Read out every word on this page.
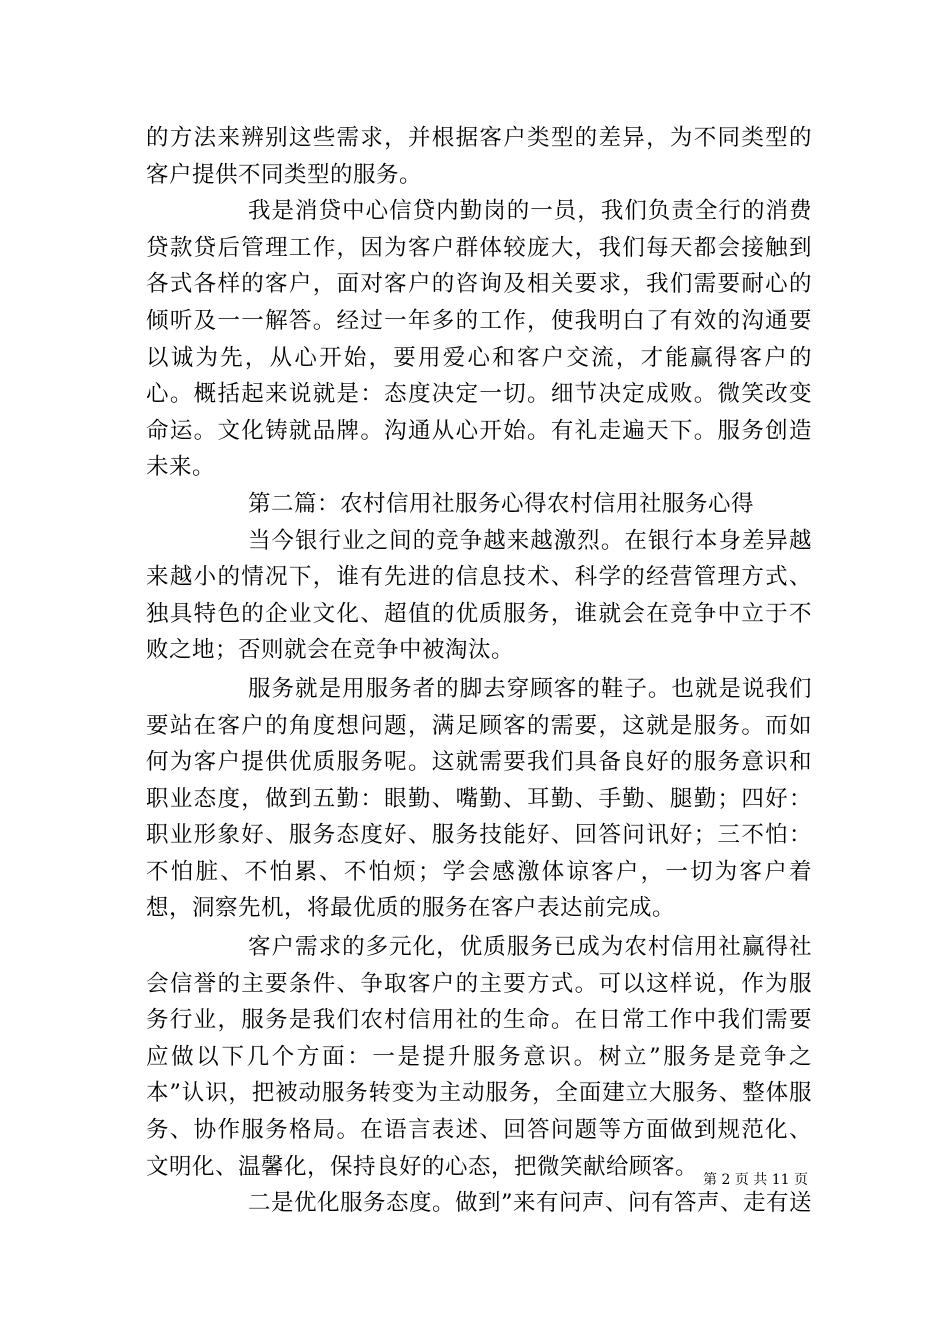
的方法来辨别这些需求，并根据客户类型的差异，为不同类型的客户提供不同类型的服务。

我是消贷中心信贷内勤岗的一员，我们负责全行的消费贷款贷后管理工作，因为客户群体较庞大，我们每天都会接触到各式各样的客户，面对客户的咨询及相关要求，我们需要耐心的倾听及一一解答。经过一年多的工作，使我明白了有效的沟通要以诚为先，从心开始，要用爱心和客户交流，才能赢得客户的心。概括起来说就是：态度决定一切。细节决定成败。微笑改变命运。文化铸就品牌。沟通从心开始。有礼走遍天下。服务创造未来。

第二篇：农村信用社服务心得农村信用社服务心得

当今银行业之间的竞争越来越激烈。在银行本身差异越来越小的情况下，谁有先进的信息技术、科学的经营管理方式、独具特色的企业文化、超值的优质服务，谁就会在竞争中立于不败之地；否则就会在竞争中被淘汰。

服务就是用服务者的脚去穿顾客的鞋子。也就是说我们要站在客户的角度想问题，满足顾客的需要，这就是服务。而如何为客户提供优质服务呢。这就需要我们具备良好的服务意识和职业态度，做到五勤：眼勤、嘴勤、耳勤、手勤、腿勤；四好：职业形象好、服务态度好、服务技能好、回答问讯好；三不怕：不怕脏、不怕累、不怕烦；学会感激体谅客户，一切为客户着想，洞察先机，将最优质的服务在客户表达前完成。

客户需求的多元化，优质服务已成为农村信用社赢得社会信誉的主要条件、争取客户的主要方式。可以这样说，作为服务行业，服务是我们农村信用社的生命。在日常工作中我们需要应做以下几个方面：一是提升服务意识。树立”服务是竞争之本”认识，把被动服务转变为主动服务，全面建立大服务、整体服务、协作服务格局。在语言表述、回答问题等方面做到规范化、文明化、温馨化，保持良好的心态，把微笑献给顾客。

二是优化服务态度。做到”来有问声、问有答声、走有送

第 2 页 共 11 页
